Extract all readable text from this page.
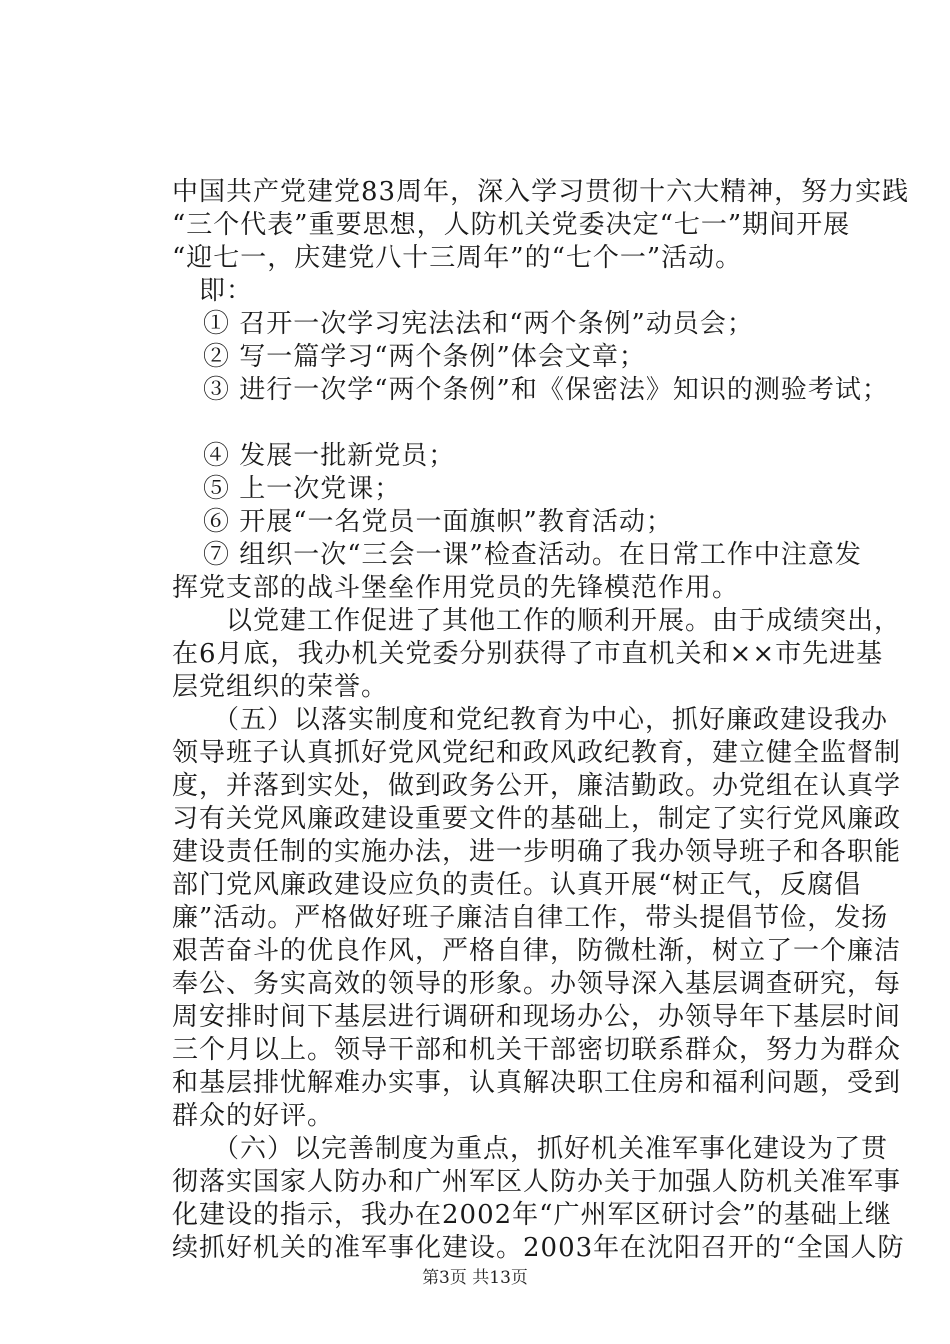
中国共产党建党83周年，深入学习贯彻十六大精神，努力实践
“三个代表”重要思想，人防机关党委决定“七一”期间开展
“迎七一，庆建党八十三周年”的“七个一”活动。
　即：
　① 召开一次学习宪法法和“两个条例”动员会；
　② 写一篇学习“两个条例”体会文章；
　③ 进行一次学“两个条例”和《保密法》知识的测验考试；
　④ 发展一批新党员；
　⑤ 上一次党课；
　⑥ 开展“一名党员一面旗帜”教育活动；
　⑦ 组织一次“三会一课”检查活动。在日常工作中注意发
挥党支部的战斗堡垒作用党员的先锋模范作用。
　　以党建工作促进了其他工作的顺利开展。由于成绩突出，
在6月底，我办机关党委分别获得了市直机关和××市先进基
层党组织的荣誉。
　　（五）以落实制度和党纪教育为中心，抓好廉政建设我办
领导班子认真抓好党风党纪和政风政纪教育，建立健全监督制
度，并落到实处，做到政务公开，廉洁勤政。办党组在认真学
习有关党风廉政建设重要文件的基础上，制定了实行党风廉政
建设责任制的实施办法，进一步明确了我办领导班子和各职能
部门党风廉政建设应负的责任。认真开展“树正气，反腐倡
廉”活动。严格做好班子廉洁自律工作，带头提倡节俭，发扬
艰苦奋斗的优良作风，严格自律，防微杜渐，树立了一个廉洁
奉公、务实高效的领导的形象。办领导深入基层调查研究，每
周安排时间下基层进行调研和现场办公，办领导年下基层时间
三个月以上。领导干部和机关干部密切联系群众，努力为群众
和基层排忧解难办实事，认真解决职工住房和福利问题，受到
群众的好评。
　　（六）以完善制度为重点，抓好机关准军事化建设为了贯
彻落实国家人防办和广州军区人防办关于加强人防机关准军事
化建设的指示，我办在2002年“广州军区研讨会”的基础上继
续抓好机关的准军事化建设。2003年在沈阳召开的“全国人防
第3页 共13页
